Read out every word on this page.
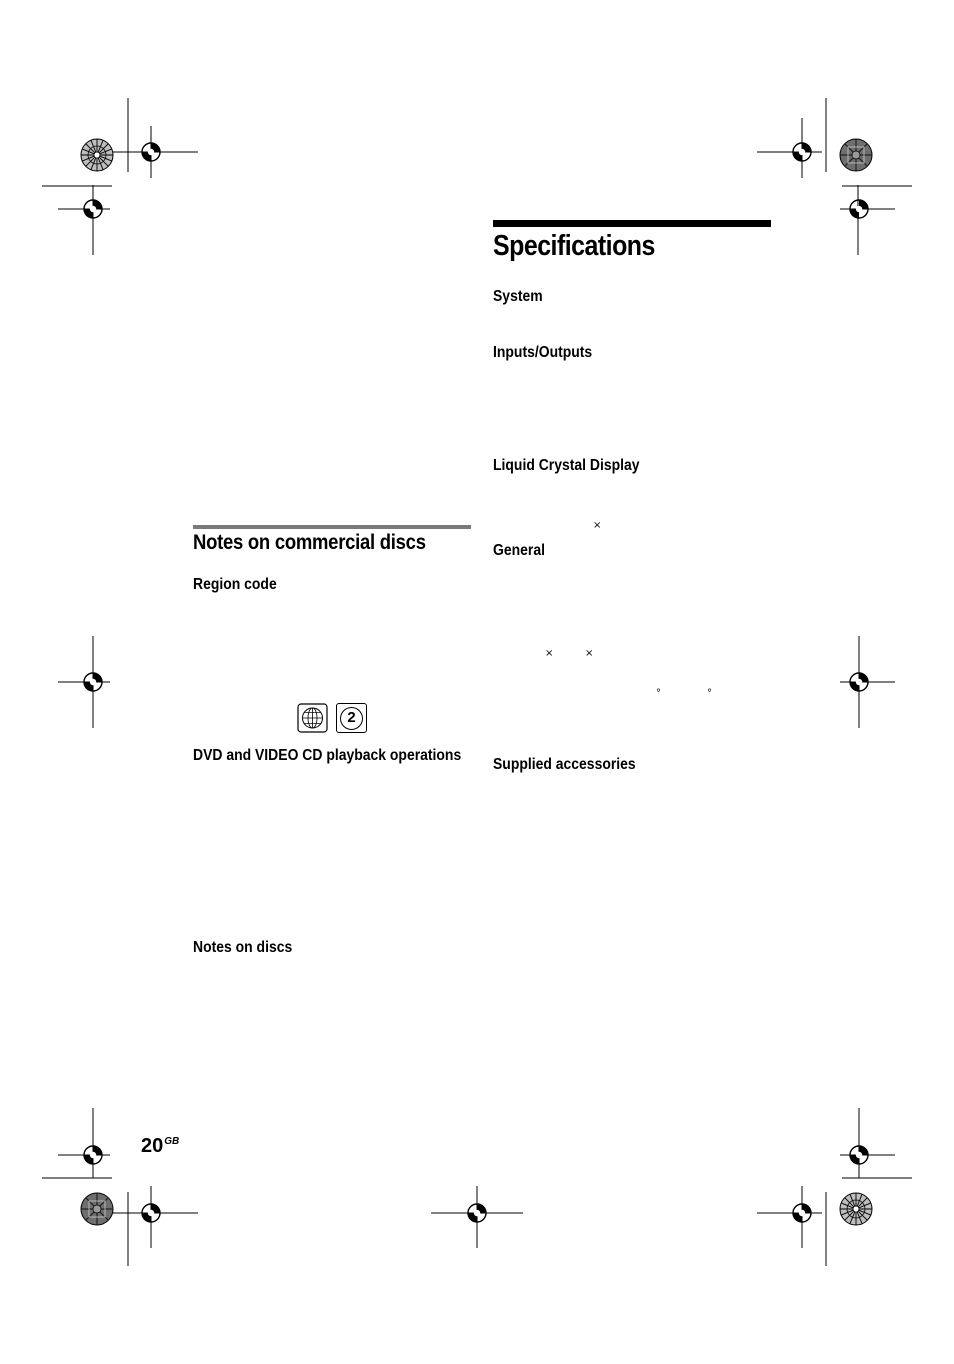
Specifications
System
Inputs/Outputs
Liquid Crystal Display
×
General
×	×
°	°
Supplied accessories
Notes on commercial discs
Region code
2
DVD and VIDEO CD playback operations
Notes on discs
$20^{GB}$
